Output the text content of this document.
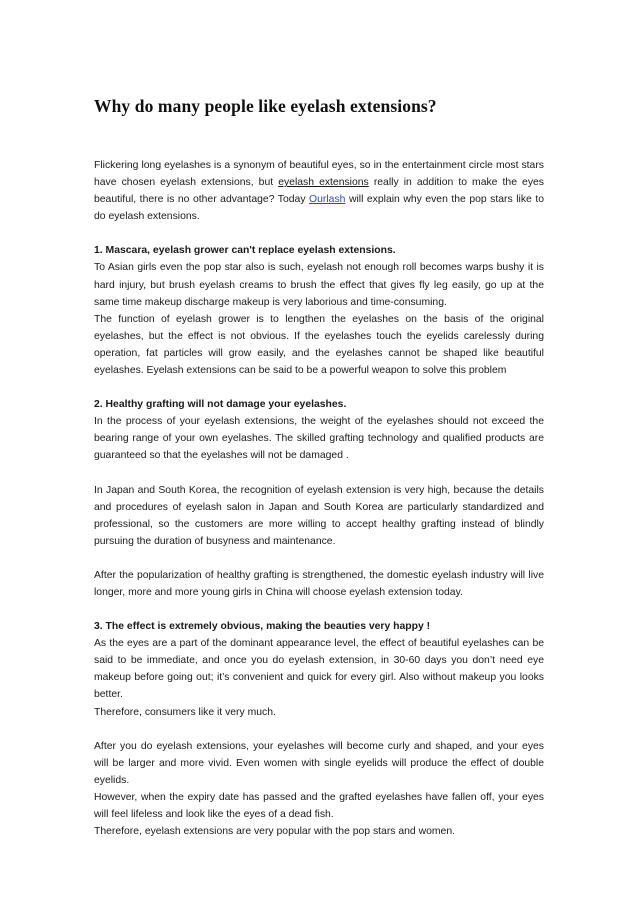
Why do many people like eyelash extensions?

Flickering long eyelashes is a synonym of beautiful eyes, so in the entertainment circle most stars have chosen eyelash extensions, but eyelash extensions really in addition to make the eyes beautiful, there is no other advantage? Today Ourlash will explain why even the pop stars like to do eyelash extensions.

1. Mascara, eyelash grower can't replace eyelash extensions.

To Asian girls even the pop star also is such, eyelash not enough roll becomes warps bushy it is hard injury, but brush eyelash creams to brush the effect that gives fly leg easily, go up at the same time makeup discharge makeup is very laborious and time-consuming.

The function of eyelash grower is to lengthen the eyelashes on the basis of the original eyelashes, but the effect is not obvious. If the eyelashes touch the eyelids carelessly during operation, fat particles will grow easily, and the eyelashes cannot be shaped like beautiful eyelashes. Eyelash extensions can be said to be a powerful weapon to solve this problem

2. Healthy grafting will not damage your eyelashes.

In the process of your eyelash extensions, the weight of the eyelashes should not exceed the bearing range of your own eyelashes. The skilled grafting technology and qualified products are guaranteed so that the eyelashes will not be damaged .

In Japan and South Korea, the recognition of eyelash extension is very high, because the details and procedures of eyelash salon in Japan and South Korea are particularly standardized and professional, so the customers are more willing to accept healthy grafting instead of blindly pursuing the duration of busyness and maintenance.

After the popularization of healthy grafting is strengthened, the domestic eyelash industry will live longer, more and more young girls in China will choose eyelash extension today.

3. The effect is extremely obvious, making the beauties very happy !

As the eyes are a part of the dominant appearance level, the effect of beautiful eyelashes can be said to be immediate, and once you do eyelash extension, in 30-60 days you don’t need eye makeup before going out; it’s convenient and quick for every girl. Also without makeup you looks better.

Therefore, consumers like it very much.

After you do eyelash extensions, your eyelashes will become curly and shaped, and your eyes will be larger and more vivid. Even women with single eyelids will produce the effect of double eyelids.

However, when the expiry date has passed and the grafted eyelashes have fallen off, your eyes will feel lifeless and look like the eyes of a dead fish.

Therefore, eyelash extensions are very popular with the pop stars and women.
